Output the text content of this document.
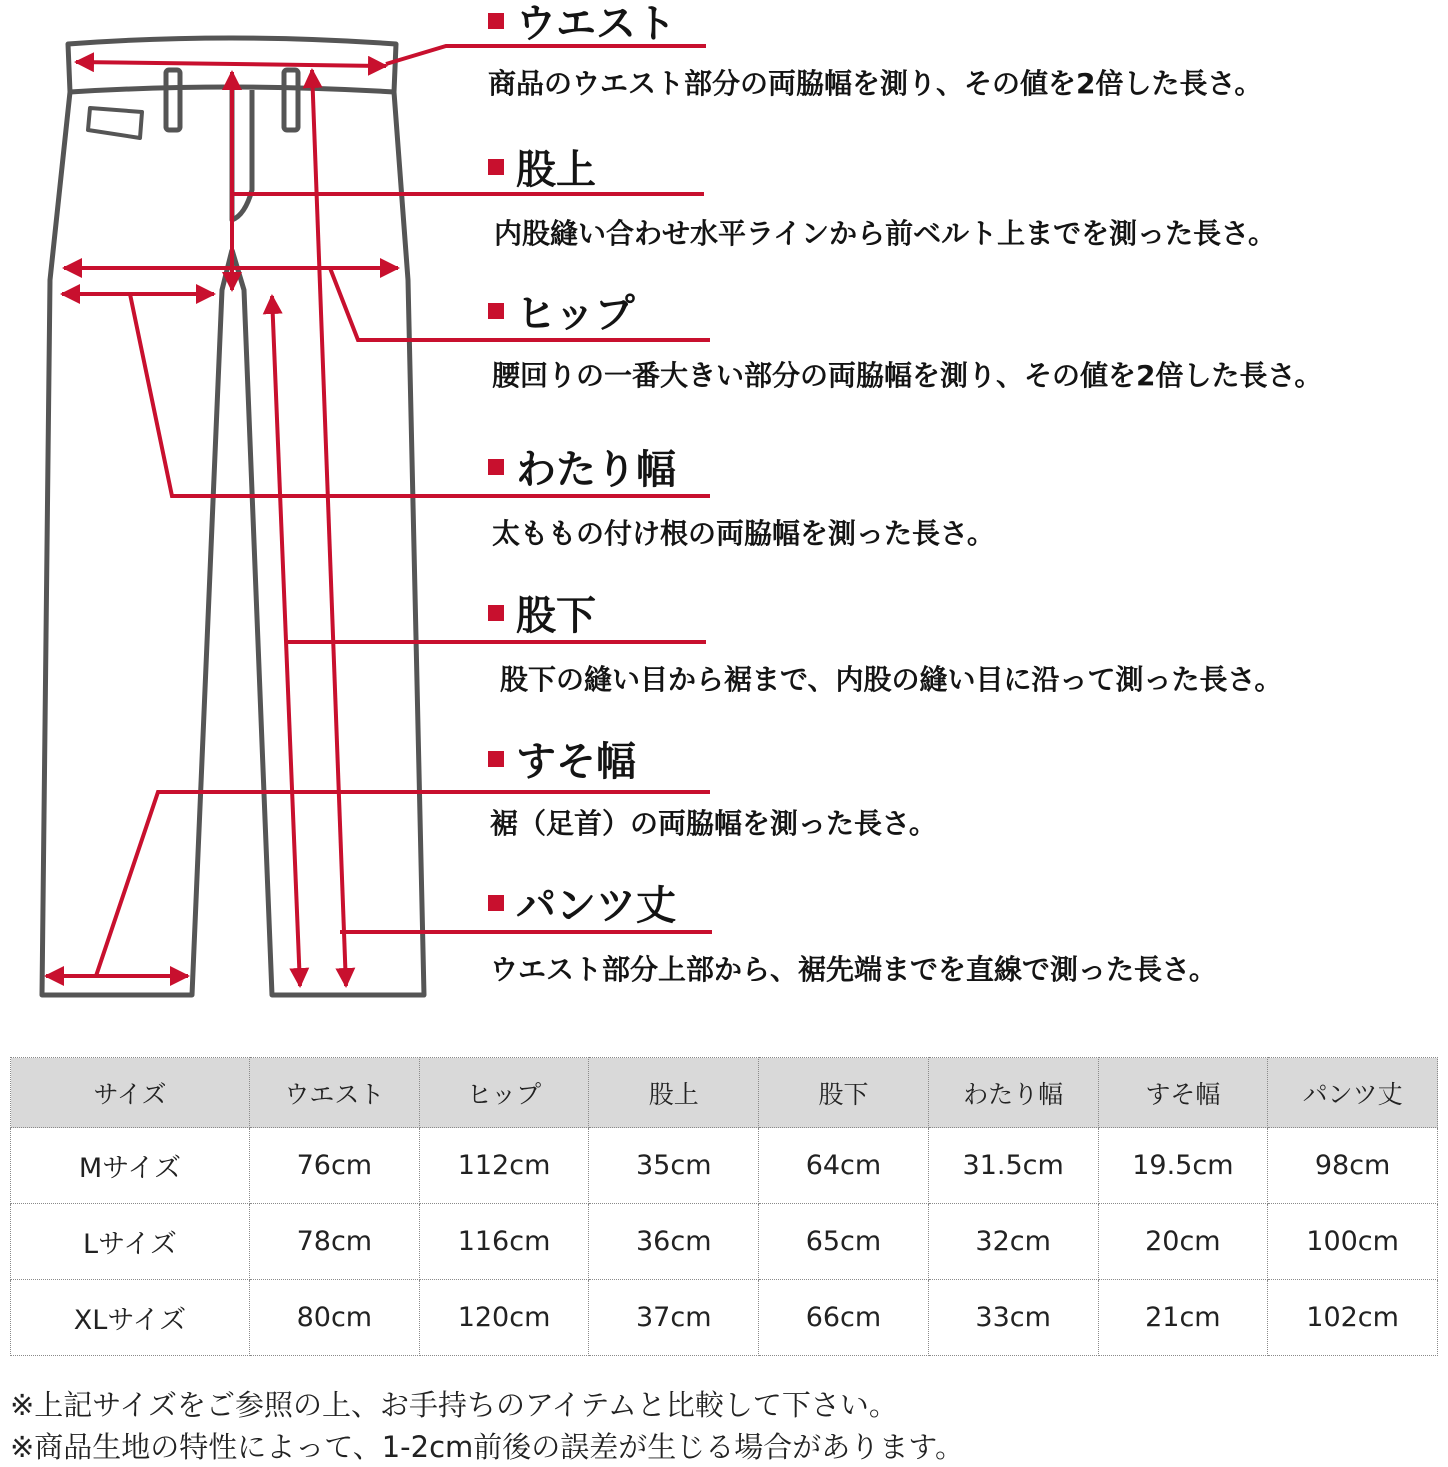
ウエスト
商品のウエスト部分の両脇幅を測り、その値を2倍した長さ。
股上
内股縫い合わせ水平ラインから前ベルト上までを測った長さ。
ヒップ
腰回りの一番大きい部分の両脇幅を測り、その値を2倍した長さ。
わたり幅
太ももの付け根の両脇幅を測った長さ。
股下
股下の縫い目から裾まで、内股の縫い目に沿って測った長さ。
すそ幅
裾（足首）の両脇幅を測った長さ。
パンツ丈
ウエスト部分上部から、裾先端までを直線で測った長さ。
サイズ	ウエスト	ヒップ	股上	股下	わたり幅	すそ幅	パンツ丈
Mサイズ	76cm	112cm	35cm	64cm	31.5cm	19.5cm	98cm
Lサイズ	78cm	116cm	36cm	65cm	32cm	20cm	100cm
XLサイズ	80cm	120cm	37cm	66cm	33cm	21cm	102cm
※上記サイズをご参照の上、お手持ちのアイテムと比較して下さい。
※商品生地の特性によって、1-2cm前後の誤差が生じる場合があります。
